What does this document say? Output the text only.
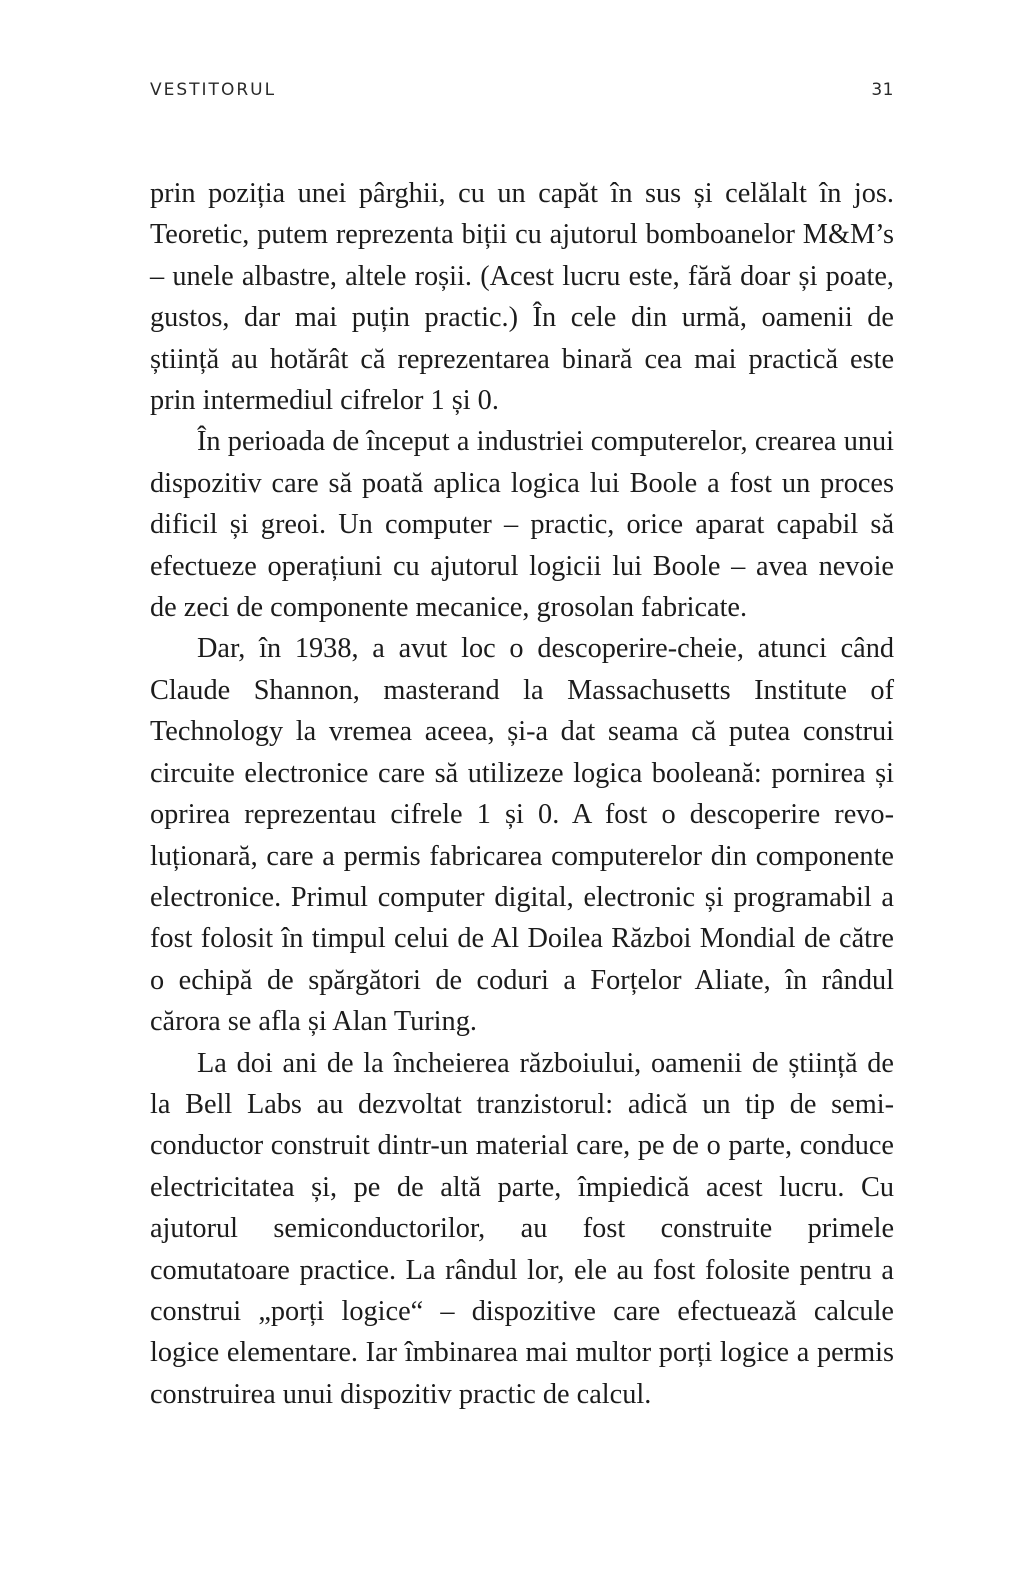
VESTITORUL	31

prin poziția unei pârghii, cu un capăt în sus și celălalt în jos. Teoretic, putem reprezenta biții cu ajutorul bomboanelor M&M’s – unele albastre, altele roșii. (Acest lucru este, fără doar și poate, gustos, dar mai puțin practic.) În cele din urmă, oamenii de știință au hotărât că reprezentarea binară cea mai practică este prin intermediul cifrelor 1 și 0.

În perioada de început a industriei computerelor, crearea unui dispozitiv care să poată aplica logica lui Boole a fost un proces dificil și greoi. Un computer – practic, orice aparat capabil să efectueze operațiuni cu ajutorul logicii lui Boole – avea nevoie de zeci de componente mecanice, grosolan fabricate.

Dar, în 1938, a avut loc o descoperire-cheie, atunci când Claude Shannon, masterand la Massachusetts Institute of Technology la vremea aceea, și-a dat seama că putea construi circuite electronice care să utilizeze logica booleană: pornirea și oprirea reprezentau cifrele 1 și 0. A fost o descoperire revoluționară, care a permis fabricarea computerelor din componente electronice. Primul computer digital, electronic și programabil a fost folosit în timpul celui de Al Doilea Război Mondial de către o echipă de spărgători de coduri a Forțelor Aliate, în rândul cărora se afla și Alan Turing.

La doi ani de la încheierea războiului, oamenii de știință de la Bell Labs au dezvoltat tranzistorul: adică un tip de semiconductor construit dintr-un material care, pe de o parte, conduce electricitatea și, pe de altă parte, împiedică acest lucru. Cu ajutorul semiconductorilor, au fost construite primele comutatoare practice. La rândul lor, ele au fost folosite pentru a construi „porți logice“ – dispozitive care efectuează calcule logice elementare. Iar îmbinarea mai multor porți logice a permis construirea unui dispozitiv practic de calcul.
